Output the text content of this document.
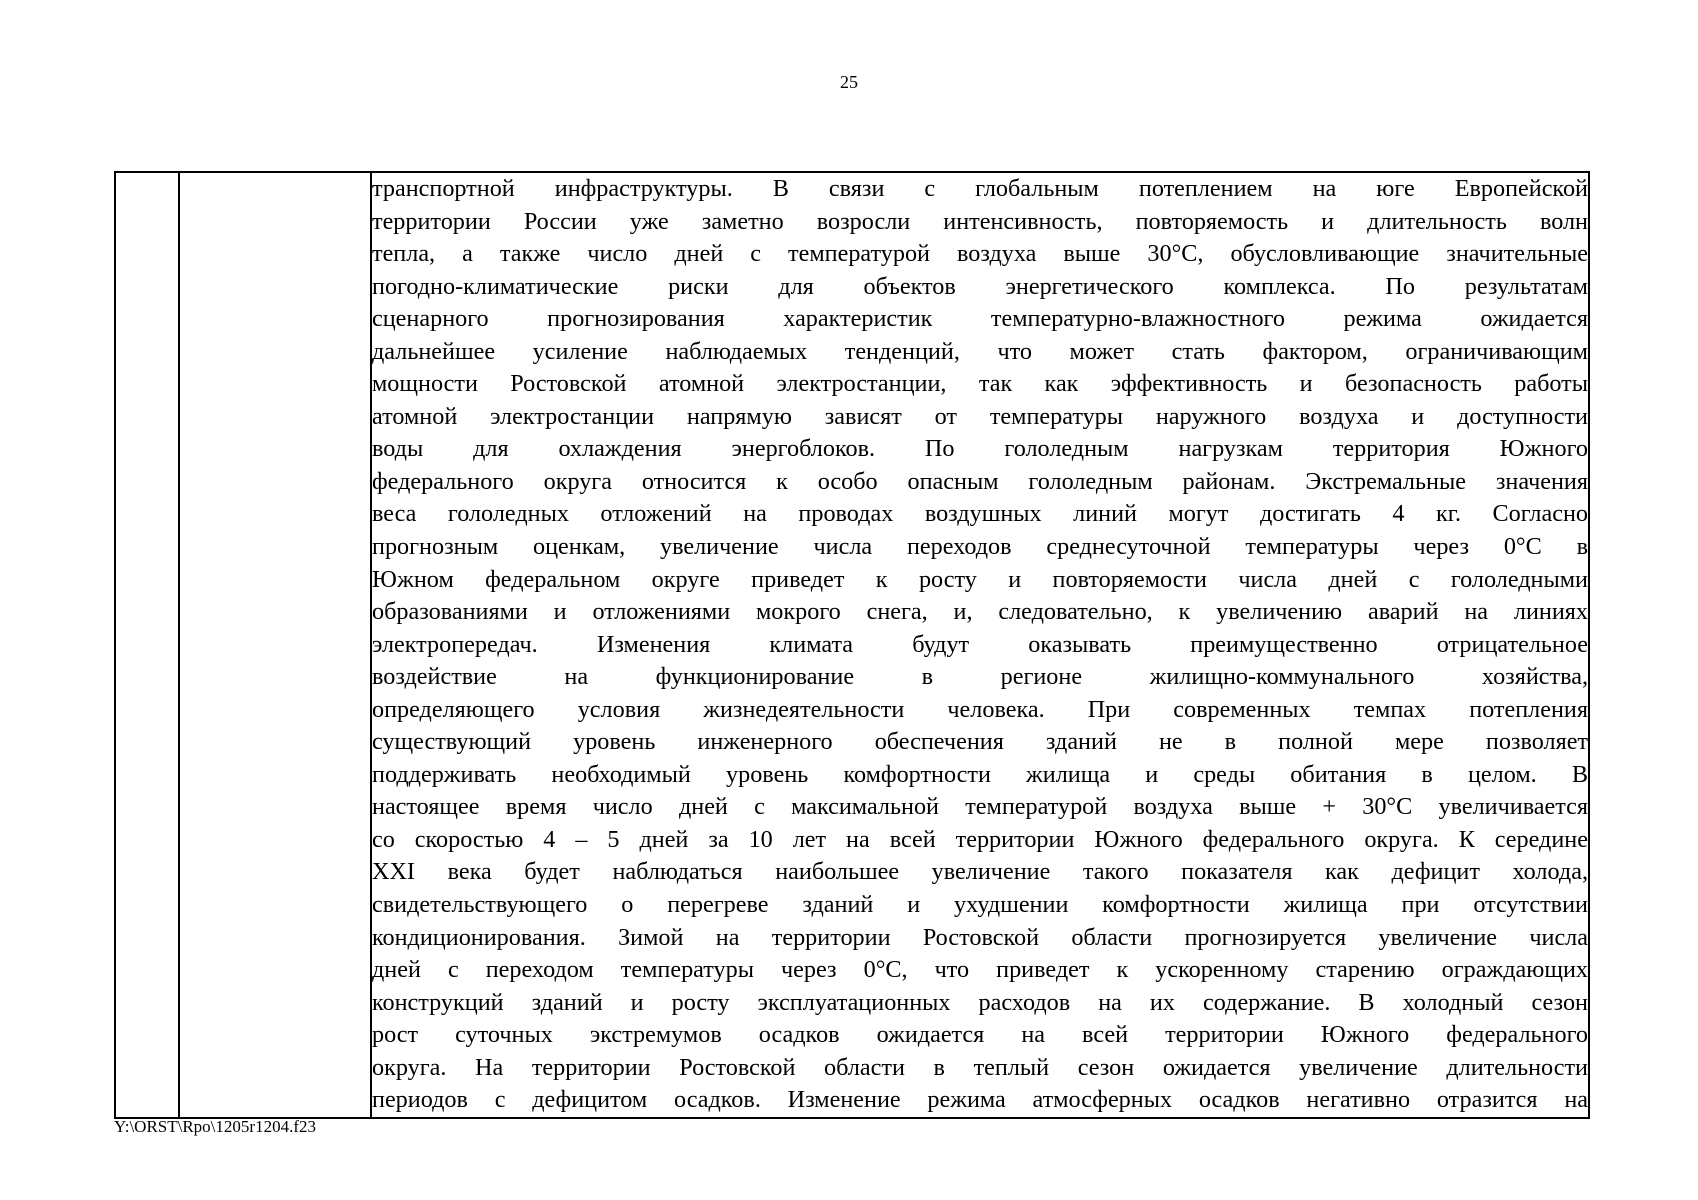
25

транспортной инфраструктуры. В связи с глобальным потеплением на юге Европейской
территории России уже заметно возросли интенсивность, повторяемость и длительность волн
тепла, а также число дней с температурой воздуха выше 30°С, обусловливающие значительные
погодно-климатические риски для объектов энергетического комплекса. По результатам
сценарного прогнозирования характеристик температурно-влажностного режима ожидается
дальнейшее усиление наблюдаемых тенденций, что может стать фактором, ограничивающим
мощности Ростовской атомной электростанции, так как эффективность и безопасность работы
атомной электростанции напрямую зависят от температуры наружного воздуха и доступности
воды для охлаждения энергоблоков. По гололедным нагрузкам территория Южного
федерального округа относится к особо опасным гололедным районам. Экстремальные значения
веса гололедных отложений на проводах воздушных линий могут достигать 4 кг. Согласно
прогнозным оценкам, увеличение числа переходов среднесуточной температуры через 0°С в
Южном федеральном округе приведет к росту и повторяемости числа дней с гололедными
образованиями и отложениями мокрого снега, и, следовательно, к увеличению аварий на линиях
электропередач. Изменения климата будут оказывать преимущественно отрицательное
воздействие на функционирование в регионе жилищно-коммунального хозяйства,
определяющего условия жизнедеятельности человека. При современных темпах потепления
существующий уровень инженерного обеспечения зданий не в полной мере позволяет
поддерживать необходимый уровень комфортности жилища и среды обитания в целом. В
настоящее время число дней с максимальной температурой воздуха выше + 30°С увеличивается
со скоростью 4 – 5 дней за 10 лет на всей территории Южного федерального округа. К середине
XXI века будет наблюдаться наибольшее увеличение такого показателя как дефицит холода,
свидетельствующего о перегреве зданий и ухудшении комфортности жилища при отсутствии
кондиционирования. Зимой на территории Ростовской области прогнозируется увеличение числа
дней с переходом температуры через 0°С, что приведет к ускоренному старению ограждающих
конструкций зданий и росту эксплуатационных расходов на их содержание. В холодный сезон
рост суточных экстремумов осадков ожидается на всей территории Южного федерального
округа. На территории Ростовской области в теплый сезон ожидается увеличение длительности
периодов с дефицитом осадков. Изменение режима атмосферных осадков негативно отразится на
Y:\ORST\Rpo\1205r1204.f23
